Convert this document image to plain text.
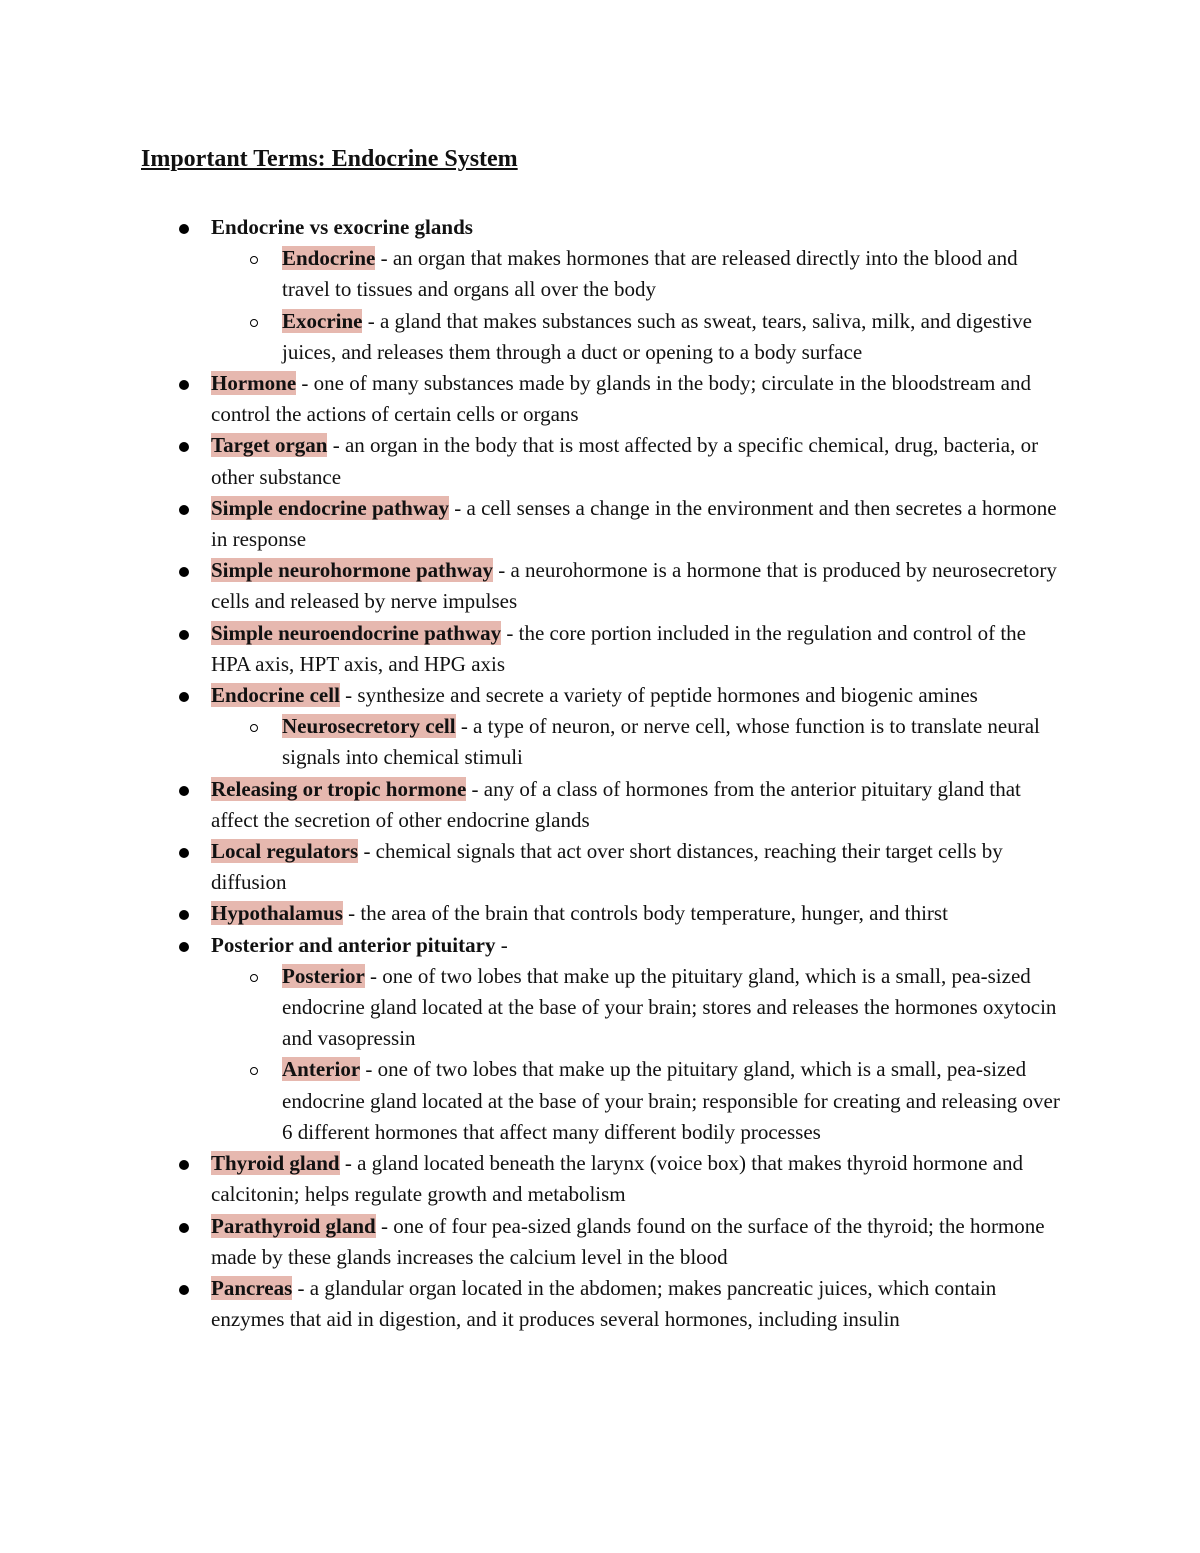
Important Terms: Endocrine System
Endocrine vs exocrine glands
Endocrine - an organ that makes hormones that are released directly into the blood and travel to tissues and organs all over the body
Exocrine - a gland that makes substances such as sweat, tears, saliva, milk, and digestive juices, and releases them through a duct or opening to a body surface
Hormone - one of many substances made by glands in the body; circulate in the bloodstream and control the actions of certain cells or organs
Target organ - an organ in the body that is most affected by a specific chemical, drug, bacteria, or other substance
Simple endocrine pathway - a cell senses a change in the environment and then secretes a hormone in response
Simple neurohormone pathway - a neurohormone is a hormone that is produced by neurosecretory cells and released by nerve impulses
Simple neuroendocrine pathway - the core portion included in the regulation and control of the HPA axis, HPT axis, and HPG axis
Endocrine cell - synthesize and secrete a variety of peptide hormones and biogenic amines
Neurosecretory cell - a type of neuron, or nerve cell, whose function is to translate neural signals into chemical stimuli
Releasing or tropic hormone - any of a class of hormones from the anterior pituitary gland that affect the secretion of other endocrine glands
Local regulators - chemical signals that act over short distances, reaching their target cells by diffusion
Hypothalamus - the area of the brain that controls body temperature, hunger, and thirst
Posterior and anterior pituitary -
Posterior - one of two lobes that make up the pituitary gland, which is a small, pea-sized endocrine gland located at the base of your brain; stores and releases the hormones oxytocin and vasopressin
Anterior - one of two lobes that make up the pituitary gland, which is a small, pea-sized endocrine gland located at the base of your brain; responsible for creating and releasing over 6 different hormones that affect many different bodily processes
Thyroid gland - a gland located beneath the larynx (voice box) that makes thyroid hormone and calcitonin; helps regulate growth and metabolism
Parathyroid gland - one of four pea-sized glands found on the surface of the thyroid; the hormone made by these glands increases the calcium level in the blood
Pancreas - a glandular organ located in the abdomen; makes pancreatic juices, which contain enzymes that aid in digestion, and it produces several hormones, including insulin
